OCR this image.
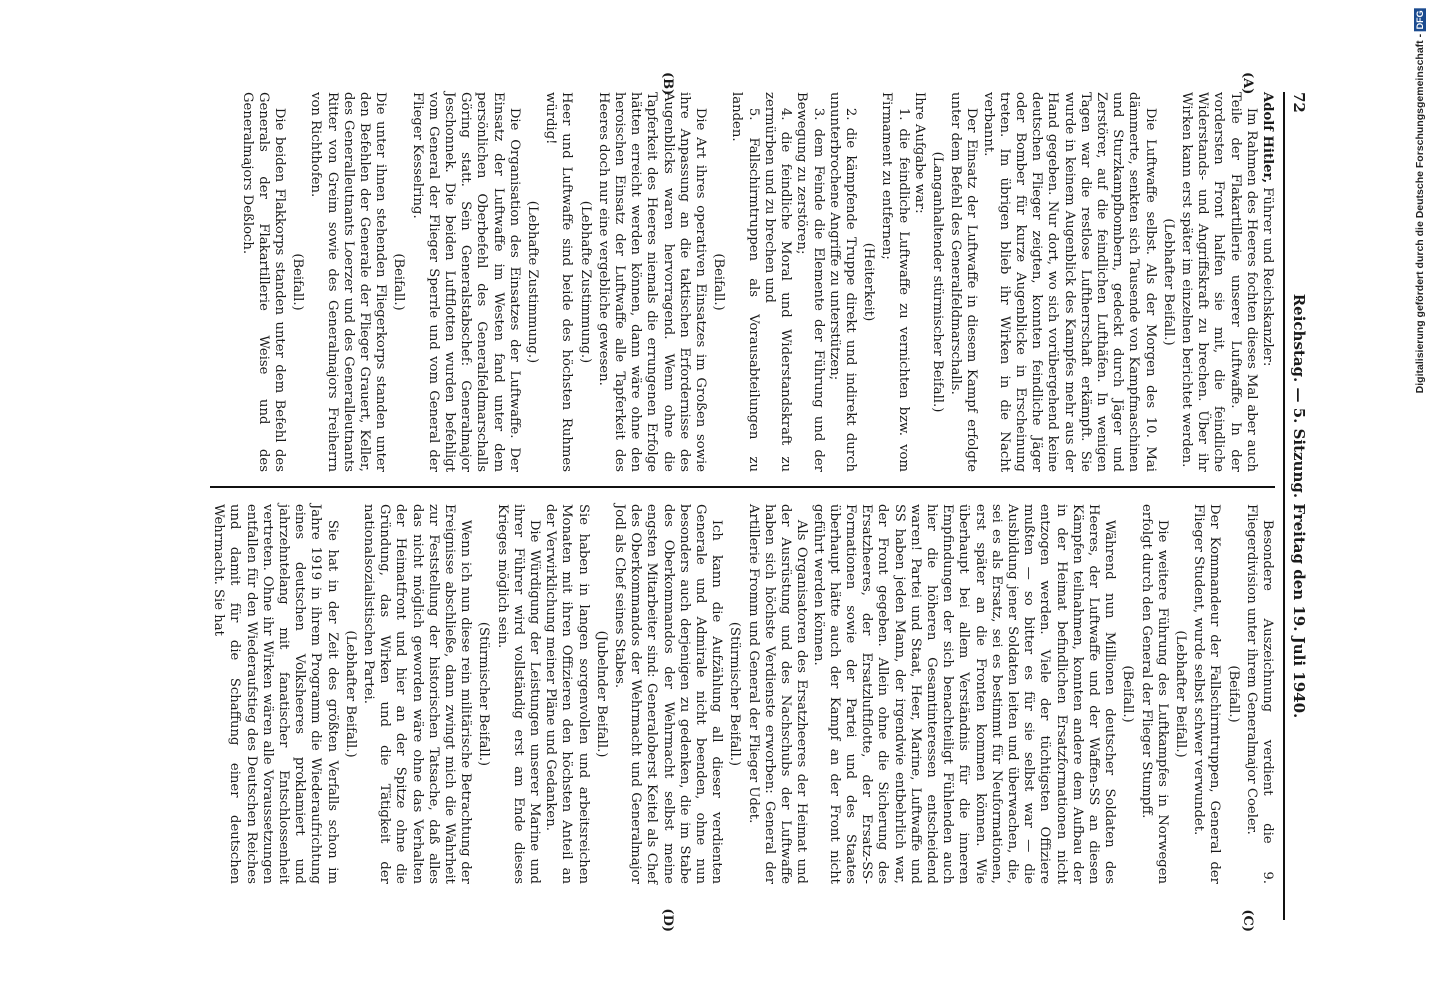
72
Reichstag. — 5. Sitzung. Freitag den 19. Juli 1940.
(A)
(B)
(C)
(D)

Adolf Hitler, Führer und Reichskanzler:

Im Rahmen des Heeres fochten dieses Mal aber auch Teile der Flakartillerie unserer Luftwaffe. In der vordersten Front halfen sie mit, die feindliche Widerstands- und Angriffskraft zu brechen. Über ihr Wirken kann erst später im einzelnen berichtet werden.

(Lebhafter Beifall.)

Die Luftwaffe selbst. Als der Morgen des 10. Mai dämmerte, senkten sich Tausende von Kampfmaschinen und Sturzkampfbombern, gedeckt durch Jäger und Zerstörer, auf die feindlichen Lufthäfen. In wenigen Tagen war die restlose Luftherrschaft erkämpft. Sie wurde in keinem Augenblick des Kampfes mehr aus der Hand gegeben. Nur dort, wo sich vorübergehend keine deutschen Flieger zeigten, konnten feindliche Jäger oder Bomber für kurze Augenblicke in Erscheinung treten. Im übrigen blieb ihr Wirken in die Nacht verbannt.

Der Einsatz der Luftwaffe in diesem Kampf erfolgte unter dem Befehl des Generalfeldmarschalls.

(Langanhaltender stürmischer Beifall.)

Ihre Aufgabe war:

1. die feindliche Luftwaffe zu vernichten bzw. vom Firmament zu entfernen;

(Heiterkeit)

2. die kämpfende Truppe direkt und indirekt durch ununterbrochene Angriffe zu unterstützen;

3. dem Feinde die Elemente der Führung und der Bewegung zu zerstören;

4. die feindliche Moral und Widerstandskraft zu zermürben und zu brechen und

5. Fallschirmtruppen als Vorausabteilungen zu landen.

(Beifall.)

Die Art ihres operativen Einsatzes im Großen sowie ihre Anpassung an die taktischen Erfordernisse des Augenblicks waren hervorragend. Wenn ohne die Tapferkeit des Heeres niemals die errungenen Erfolge hätten erreicht werden können, dann wäre ohne den heroischen Einsatz der Luftwaffe alle Tapferkeit des Heeres doch nur eine vergebliche gewesen.

(Lebhafte Zustimmung.)

Heer und Luftwaffe sind beide des höchsten Ruhmes würdig!

(Lebhafte Zustimmung.)

Die Organisation des Einsatzes der Luftwaffe. Der Einsatz der Luftwaffe im Westen fand unter dem persönlichen Oberbefehl des Generalfeldmarschalls Göring statt. Sein Generalstabschef: Generalmajor Jeschonnek. Die beiden Luftflotten wurden befehligt vom General der Flieger Sperrle und vom General der Flieger Kesselring.

(Beifall.)

Die unter ihnen stehenden Fliegerkorps standen unter den Befehlen der Generale der Flieger Grauert, Keller, des Generalleutnants Loerzer und des Generalleutnants Ritter von Greim sowie des Generalmajors Freiherrn von Richthofen.

(Beifall.)

Die beiden Flakkorps standen unter dem Befehl des Generals der Flakartillerie Weise und des Generalmajors Deßloch.

Besondere Auszeichnung verdient die 9. Fliegerdivision unter ihrem Generalmajor Coeler.

(Beifall.)

Der Kommandeur der Fallschirmtruppen, General der Flieger Student, wurde selbst schwer verwundet.

(Lebhafter Beifall.)

Die weitere Führung des Luftkampfes in Norwegen erfolgt durch den General der Flieger Stumpff.

(Beifall.)

Während nun Millionen deutscher Soldaten des Heeres, der Luftwaffe und der Waffen-SS an diesen Kämpfen teilnahmen, konnten andere dem Aufbau der in der Heimat befindlichen Ersatzformationen nicht entzogen werden. Viele der tüchtigsten Offiziere mußten — so bitter es für sie selbst war — die Ausbildung jener Soldaten leiten und überwachen, die, sei es als Ersatz, sei es bestimmt für Neuformationen, erst später an die Fronten kommen können. Wie überhaupt bei allem Verständnis für die inneren Empfindungen der sich benachteiligt Fühlenden auch hier die höheren Gesamtinteressen entscheidend waren! Partei und Staat, Heer, Marine, Luftwaffe und SS haben jeden Mann, der irgendwie entbehrlich war, der Front gegeben. Allein ohne die Sicherung des Ersatzheeres, der Ersatzluftflotte, der Ersatz-SS-Formationen sowie der Partei und des Staates überhaupt hätte auch der Kampf an der Front nicht geführt werden können.

Als Organisatoren des Ersatzheeres der Heimat und der Ausrüstung und des Nachschubs der Luftwaffe haben sich höchste Verdienste erworben: General der Artillerie Fromm und General der Flieger Udet.

(Stürmischer Beifall.)

Ich kann die Aufzählung all dieser verdienten Generale und Admirale nicht beenden, ohne nun besonders auch derjenigen zu gedenken, die im Stabe des Oberkommandos der Wehrmacht selbst meine engsten Mitarbeiter sind: Generaloberst Keitel als Chef des Oberkommandos der Wehrmacht und Generalmajor Jodl als Chef seines Stabes.

(Jubelnder Beifall.)

Sie haben in langen sorgenvollen und arbeitsreichen Monaten mit ihren Offizieren den höchsten Anteil an der Verwirklichung meiner Pläne und Gedanken.

Die Würdigung der Leistungen unserer Marine und ihrer Führer wird vollständig erst am Ende dieses Krieges möglich sein.

(Stürmischer Beifall.)

Wenn ich nun diese rein militärische Betrachtung der Ereignisse abschließe, dann zwingt mich die Wahrheit zur Feststellung der historischen Tatsache, daß alles das nicht möglich geworden wäre ohne das Verhalten der Heimatfront und hier an der Spitze ohne die Gründung, das Wirken und die Tätigkeit der nationalsozialistischen Partei.

(Lebhafter Beifall.)

Sie hat in der Zeit des größten Verfalls schon im Jahre 1919 in ihrem Programm die Wiederaufrichtung eines deutschen Volksheeres proklamiert und jahrzehntelang mit fanatischer Entschlossenheit vertreten. Ohne ihr Wirken wären alle Voraussetzungen entfallen für den Wiederaufstieg des Deutschen Reiches und damit für die Schaffung einer deutschen Wehrmacht. Sie hat

Digitalisierung gefördert durch die Deutsche Forschungsgemeinschaft - DFG
